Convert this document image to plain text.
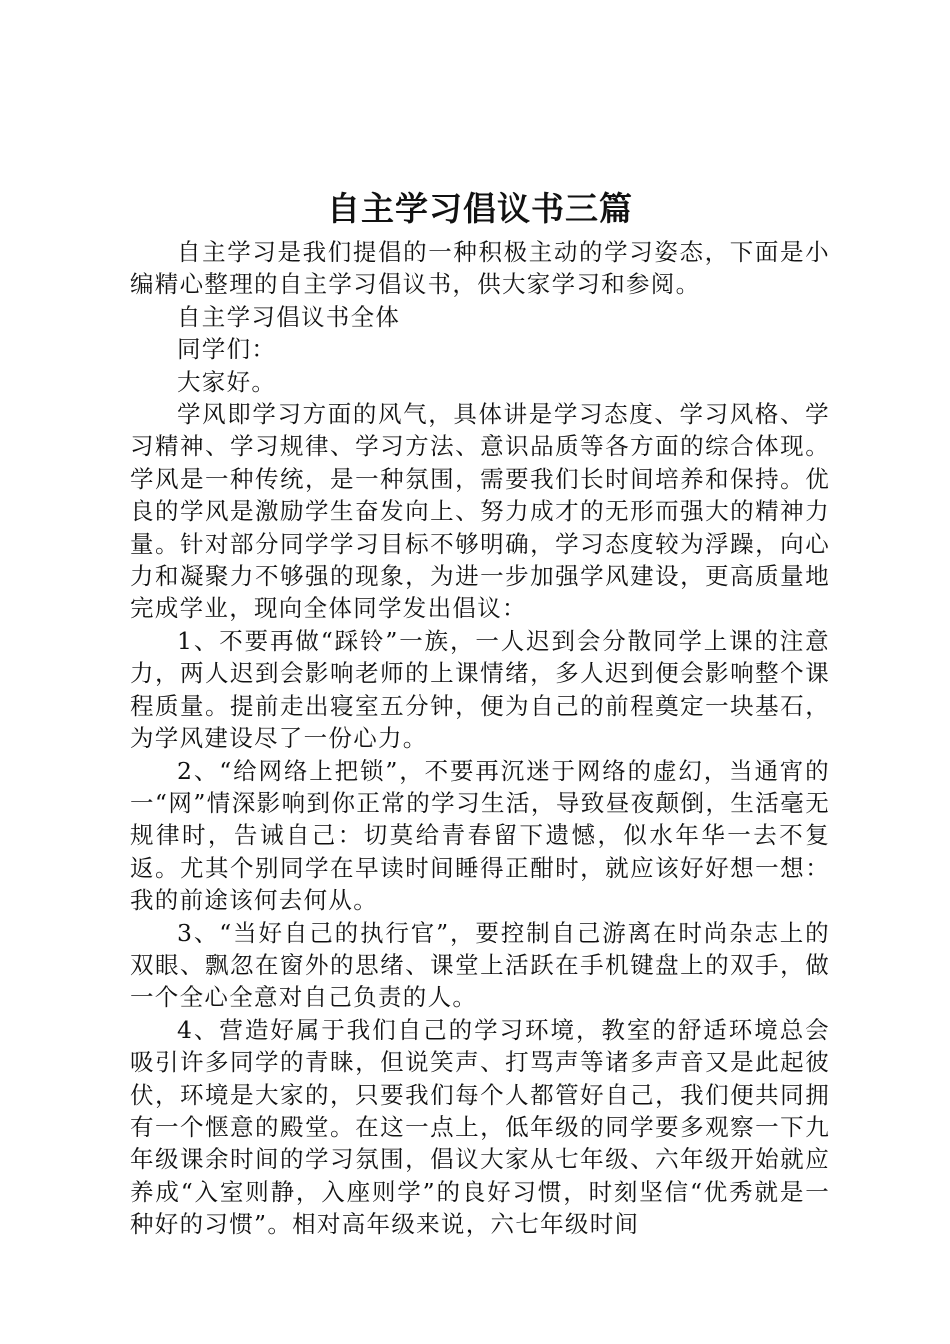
自主学习倡议书三篇

自主学习是我们提倡的一种积极主动的学习姿态，下面是小编精心整理的自主学习倡议书，供大家学习和参阅。

自主学习倡议书全体

同学们：

大家好。

学风即学习方面的风气，具体讲是学习态度、学习风格、学习精神、学习规律、学习方法、意识品质等各方面的综合体现。学风是一种传统，是一种氛围，需要我们长时间培养和保持。优良的学风是激励学生奋发向上、努力成才的无形而强大的精神力量。针对部分同学学习目标不够明确，学习态度较为浮躁，向心力和凝聚力不够强的现象，为进一步加强学风建设，更高质量地完成学业，现向全体同学发出倡议：

1、不要再做“踩铃”一族，一人迟到会分散同学上课的注意力，两人迟到会影响老师的上课情绪，多人迟到便会影响整个课程质量。提前走出寝室五分钟，便为自己的前程奠定一块基石，为学风建设尽了一份心力。

2、“给网络上把锁”，不要再沉迷于网络的虚幻，当通宵的一“网”情深影响到你正常的学习生活，导致昼夜颠倒，生活毫无规律时，告诫自己：切莫给青春留下遗憾，似水年华一去不复返。尤其个别同学在早读时间睡得正酣时，就应该好好想一想：我的前途该何去何从。

3、“当好自己的执行官”，要控制自己游离在时尚杂志上的双眼、飘忽在窗外的思绪、课堂上活跃在手机键盘上的双手，做一个全心全意对自己负责的人。

4、营造好属于我们自己的学习环境，教室的舒适环境总会吸引许多同学的青睐，但说笑声、打骂声等诸多声音又是此起彼伏，环境是大家的，只要我们每个人都管好自己，我们便共同拥有一个惬意的殿堂。在这一点上，低年级的同学要多观察一下九年级课余时间的学习氛围，倡议大家从七年级、六年级开始就应养成“入室则静，入座则学”的良好习惯，时刻坚信“优秀就是一种好的习惯”。相对高年级来说，六七年级时间
